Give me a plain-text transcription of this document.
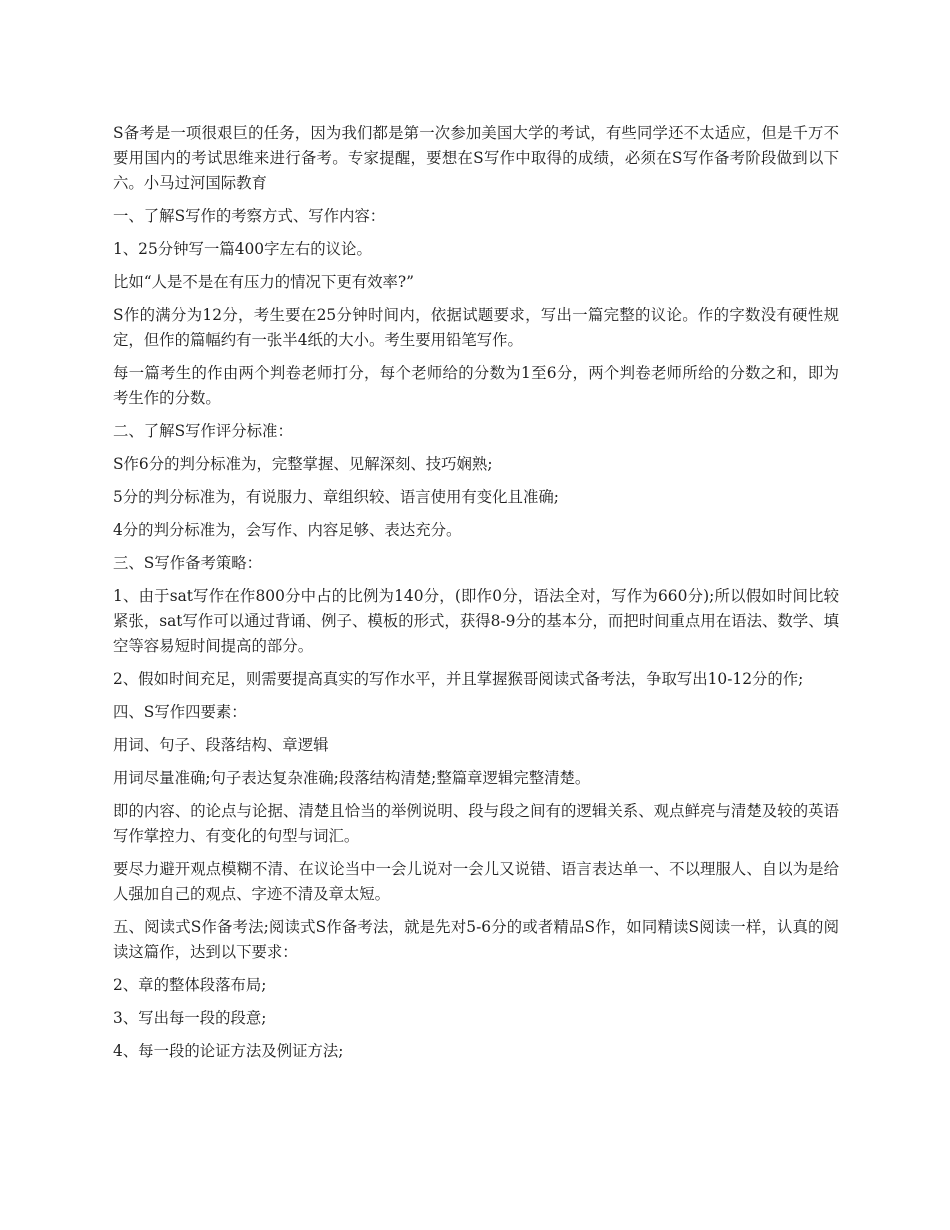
S备考是一项很艰巨的任务，因为我们都是第一次参加美国大学的考试，有些同学还不太适应，但是千万不要用国内的考试思维来进行备考。专家提醒，要想在S写作中取得的成绩，必须在S写作备考阶段做到以下六。小马过河国际教育

一、了解S写作的考察方式、写作内容：

1、25分钟写一篇400字左右的议论。

比如“人是不是在有压力的情况下更有效率?”

S作的满分为12分，考生要在25分钟时间内，依据试题要求，写出一篇完整的议论。作的字数没有硬性规定，但作的篇幅约有一张半4纸的大小。考生要用铅笔写作。

每一篇考生的作由两个判卷老师打分，每个老师给的分数为1至6分，两个判卷老师所给的分数之和，即为考生作的分数。

二、了解S写作评分标准：

S作6分的判分标准为，完整掌握、见解深刻、技巧娴熟;

5分的判分标准为，有说服力、章组织较、语言使用有变化且准确;

4分的判分标准为，会写作、内容足够、表达充分。

三、S写作备考策略：

1、由于sat写作在作800分中占的比例为140分，(即作0分，语法全对，写作为660分);所以假如时间比较紧张，sat写作可以通过背诵、例子、模板的形式，获得8-9分的基本分，而把时间重点用在语法、数学、填空等容易短时间提高的部分。

2、假如时间充足，则需要提高真实的写作水平，并且掌握猴哥阅读式备考法，争取写出10-12分的作;

四、S写作四要素：

用词、句子、段落结构、章逻辑

用词尽量准确;句子表达复杂准确;段落结构清楚;整篇章逻辑完整清楚。

即的内容、的论点与论据、清楚且恰当的举例说明、段与段之间有的逻辑关系、观点鲜亮与清楚及较的英语写作掌控力、有变化的句型与词汇。

要尽力避开观点模糊不清、在议论当中一会儿说对一会儿又说错、语言表达单一、不以理服人、自以为是给人强加自己的观点、字迹不清及章太短。

五、阅读式S作备考法;阅读式S作备考法，就是先对5-6分的或者精品S作，如同精读S阅读一样，认真的阅读这篇作，达到以下要求：

2、章的整体段落布局;

3、写出每一段的段意;

4、每一段的论证方法及例证方法;
